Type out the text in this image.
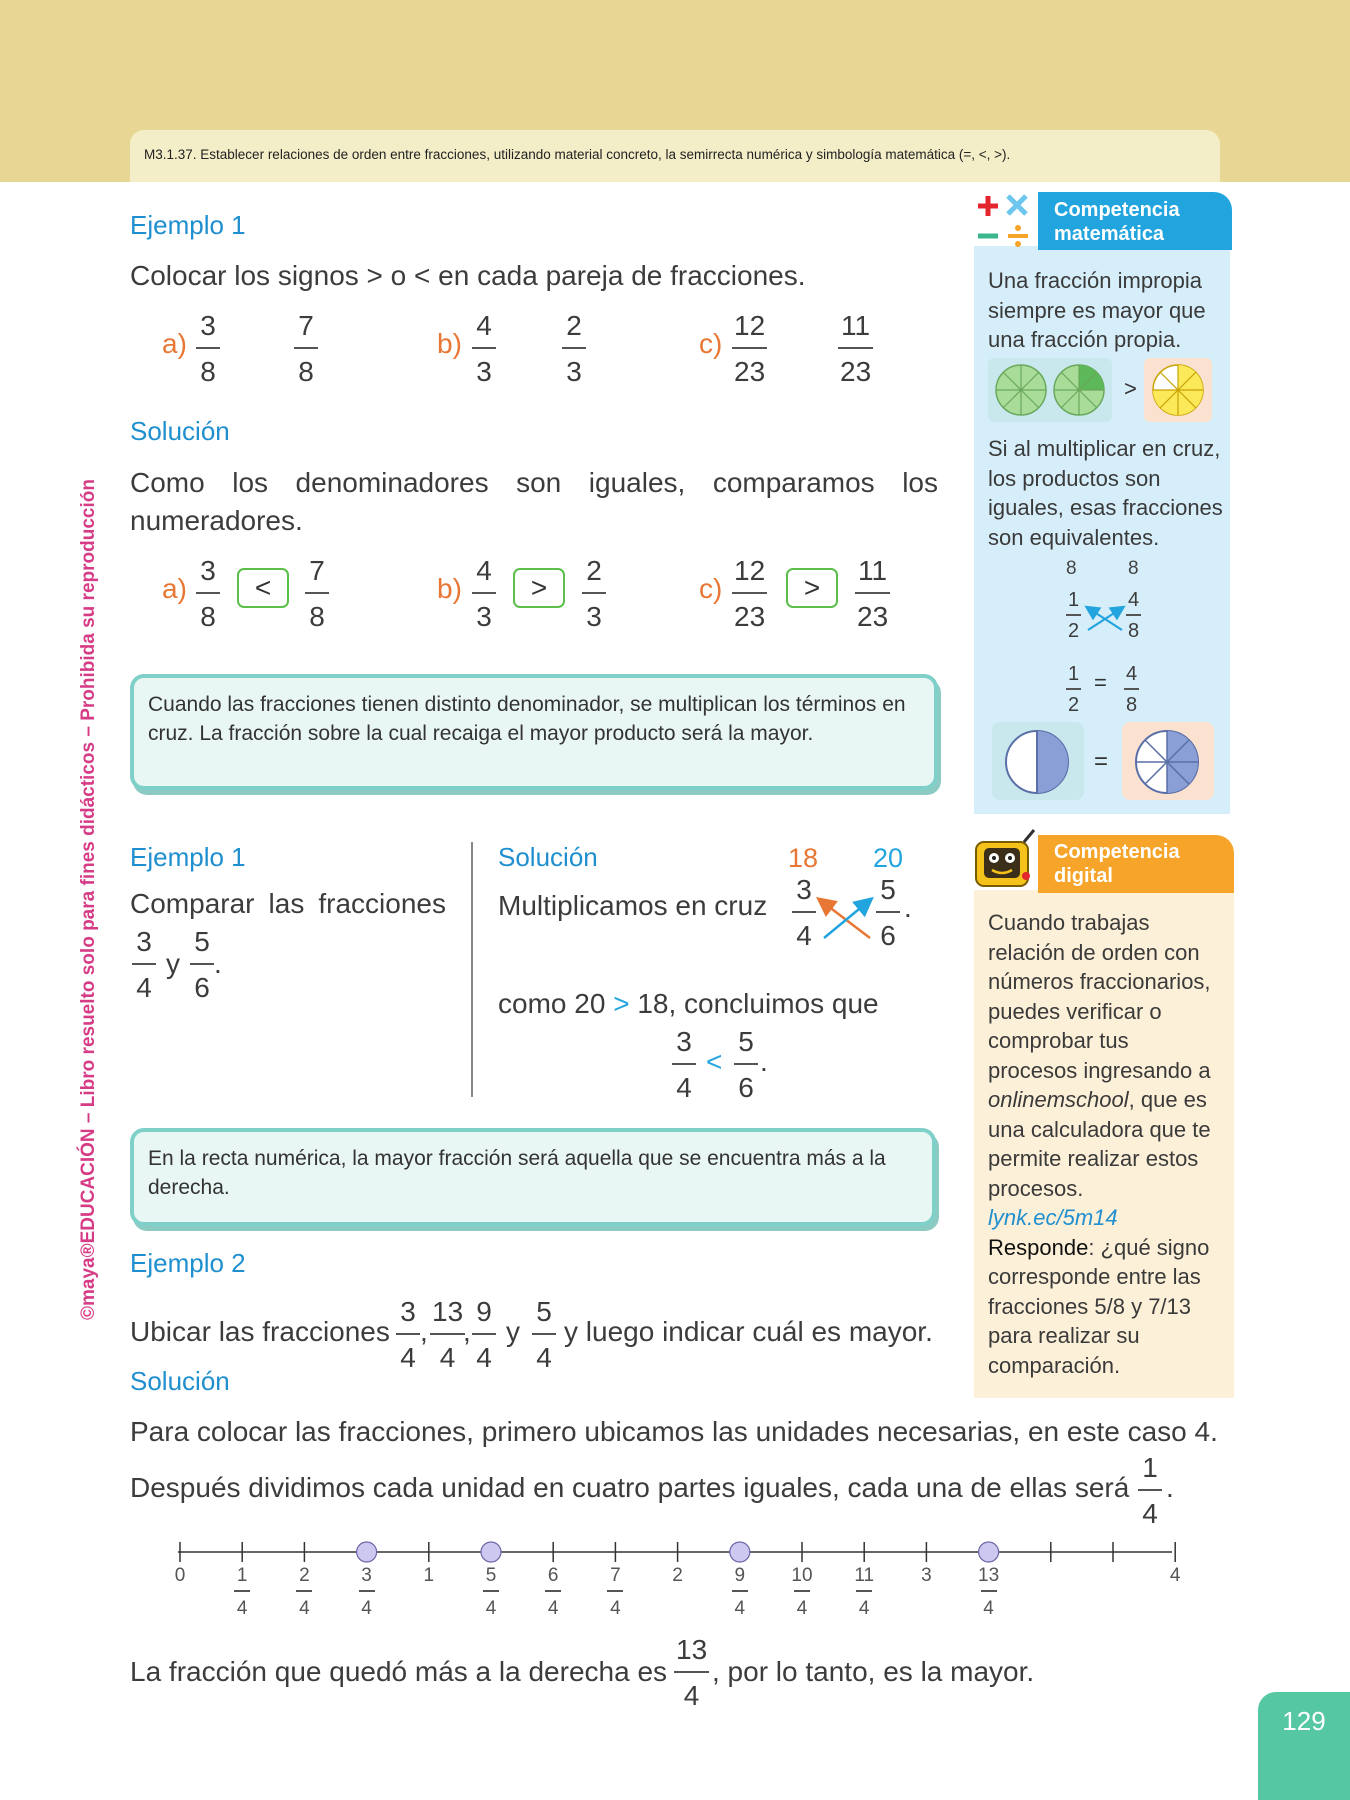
M3.1.37. Establecer relaciones de orden entre fracciones, utilizando material concreto, la semirrecta numérica y simbología matemática (=, <, >).
©maya®EDUCACIÓN – Libro resuelto solo para fines didácticos – Prohibida su reproducción
Ejemplo 1
Colocar los signos > o < en cada pareja de fracciones.
a)
3
8
7
8
b)
4
3
2
3
c)
12
23
11
23
Solución
Como los denominadores son iguales, comparamos los numeradores.
a)
3
8
<
7
8
b)
4
3
>
2
3
c)
12
23
>
11
23
Cuando las fracciones tienen distinto denominador, se multiplican los términos en cruz. La fracción sobre la cual recaiga el mayor producto será la mayor.
Ejemplo 1
Comparar las fracciones
3
4
y
5
6
.
Solución
Multiplicamos en cruz
18 20
3
4
5
6
.
como 20 > 18, concluimos que
3
4
<
5
6
.
En la recta numérica, la mayor fracción será aquella que se encuentra más a la derecha.
Ejemplo 2
Ubicar las fracciones
3
4
,
13
4
,
9
4
y
5
4
y luego indicar cuál es mayor.
Solución
Para colocar las fracciones, primero ubicamos las unidades necesarias, en este caso 4.
Después dividimos cada unidad en cuatro partes iguales, cada una de ellas será
1
4
.
0	1
4
2
4
3
4
1	5
4
6
4
7
4
2	9
4
10
4
11
4
3	13
4
4
La fracción que quedó más a la derecha es
13
4
, por lo tanto, es la mayor.
Competencia matemática
Una fracción impropia siempre es mayor que una fracción propia.
>
Si al multiplicar en cruz, los productos son iguales, esas fracciones son equivalentes.
8	8
1
2
4
8
1
2
= 4
8
=
Competencia digital
Cuando trabajas relación de orden con números fraccionarios, puedes verificar o comprobar tus procesos ingresando a onlinemschool, que es una calculadora que te permite realizar estos procesos.
lynk.ec/5m14
Responde: ¿qué signo corresponde entre las fracciones 5/8 y 7/13 para realizar su comparación.
129
